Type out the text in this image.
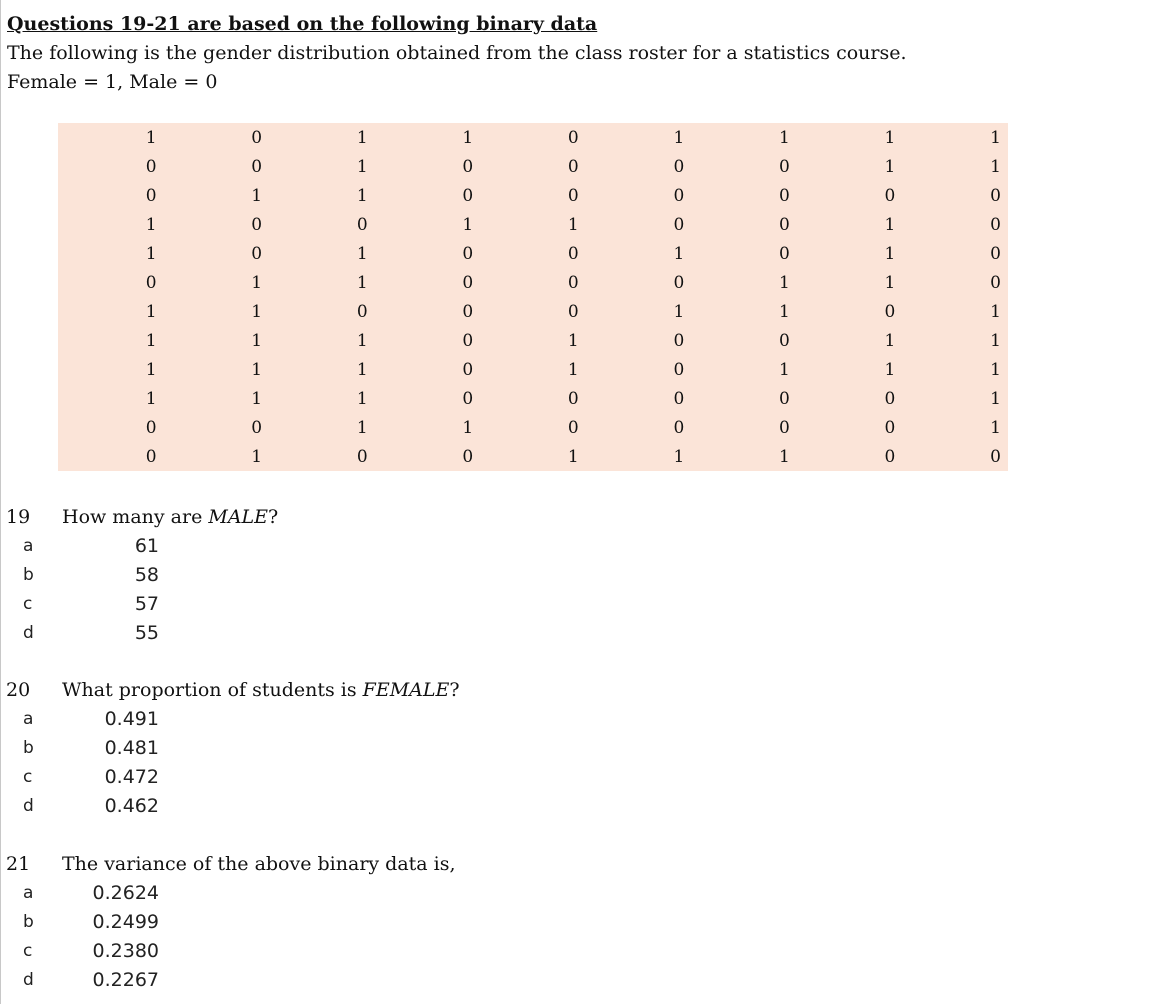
Questions 19-21 are based on the following binary data
The following is the gender distribution obtained from the class roster for a statistics course.
Female = 1, Male = 0
1	0	1	1	0	1	1	1	1
0	0	1	0	0	0	0	1	1
0	1	1	0	0	0	0	0	0
1	0	0	1	1	0	0	1	0
1	0	1	0	0	1	0	1	0
0	1	1	0	0	0	1	1	0
1	1	0	0	0	1	1	0	1
1	1	1	0	1	0	0	1	1
1	1	1	0	1	0	1	1	1
1	1	1	0	0	0	0	0	1
0	0	1	1	0	0	0	0	1
0	1	0	0	1	1	1	0	0
19 How many are MALE?
a	61
b	58
c	57
d	55
20 What proportion of students is FEMALE?
a	0.491
b	0.481
c	0.472
d	0.462
21 The variance of the above binary data is,
a	0.2624
b	0.2499
c	0.2380
d	0.2267
